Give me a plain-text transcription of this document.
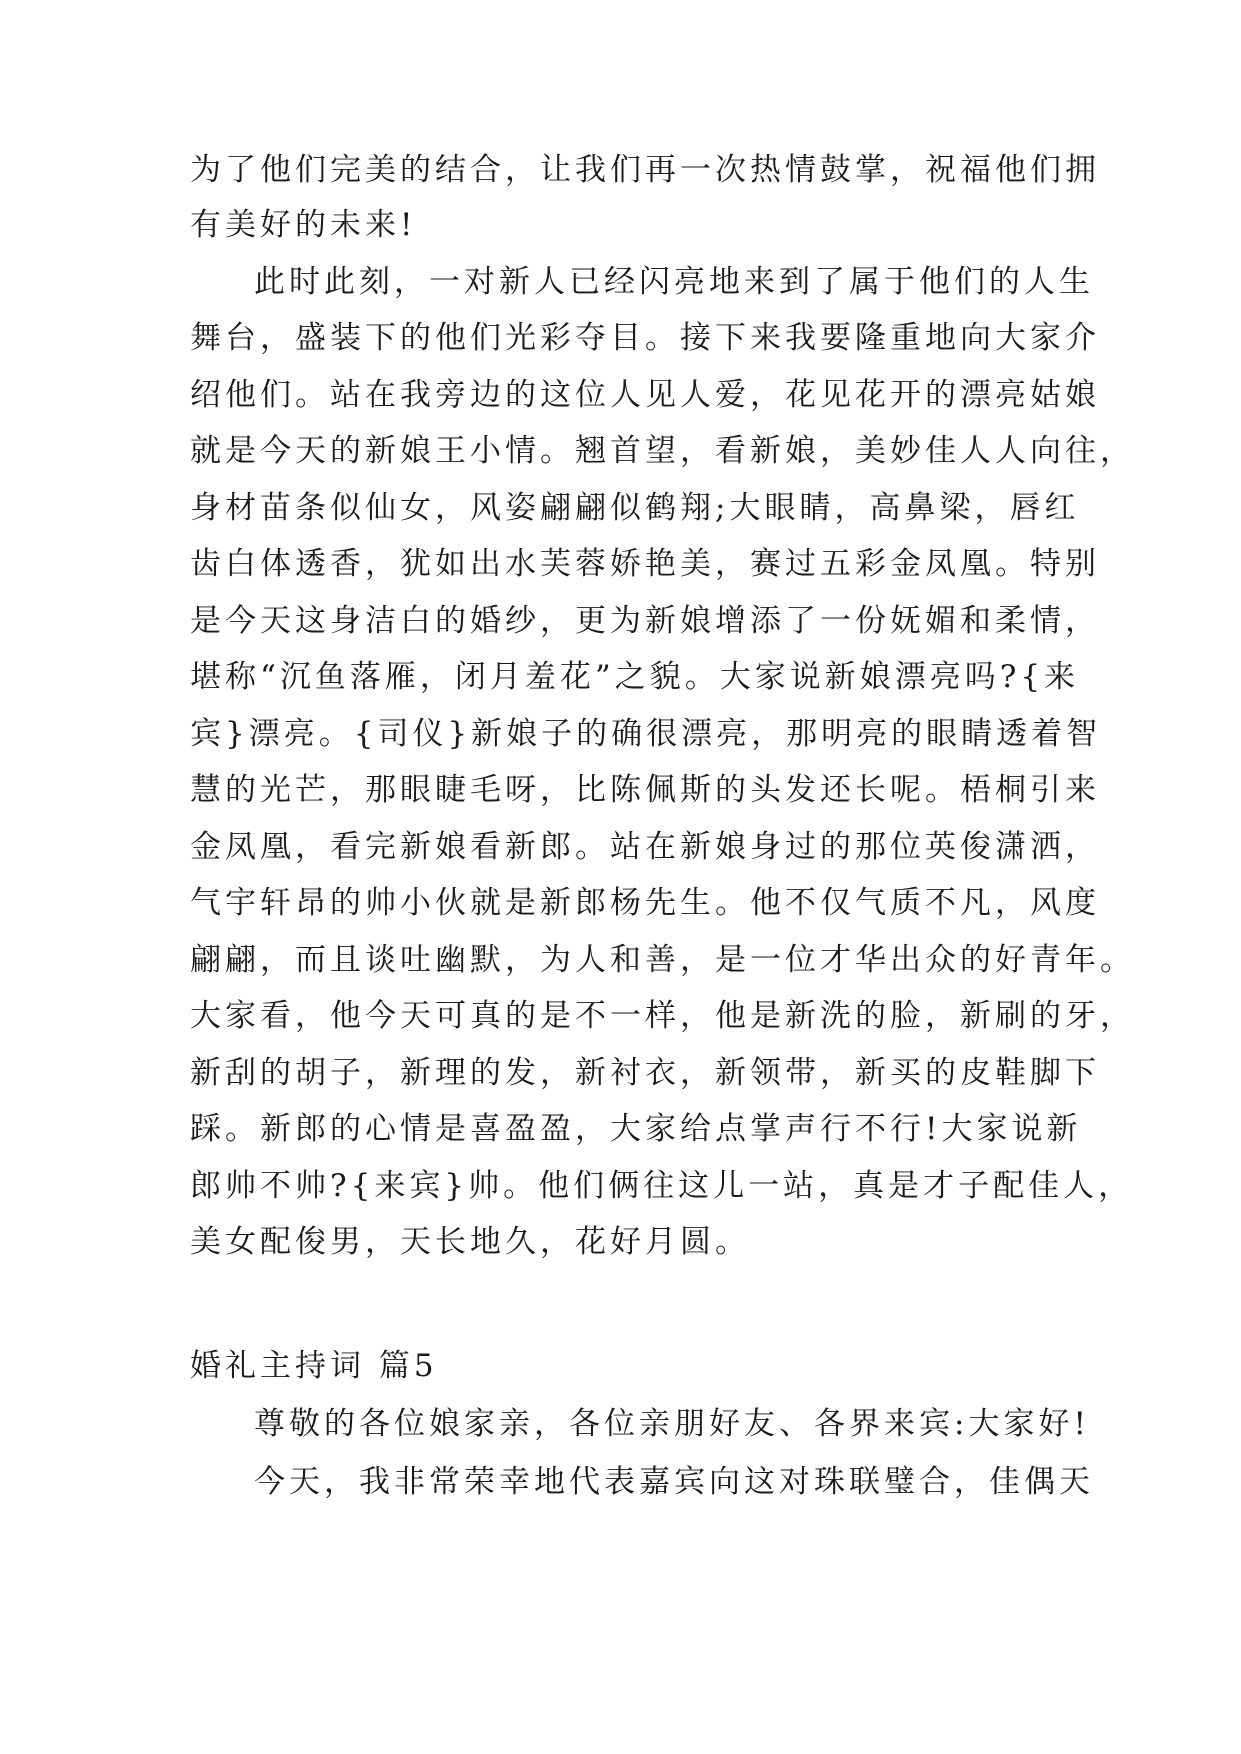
为了他们完美的结合，让我们再一次热情鼓掌，祝福他们拥
有美好的未来!
此时此刻，一对新人已经闪亮地来到了属于他们的人生
舞台，盛装下的他们光彩夺目。接下来我要隆重地向大家介
绍他们。站在我旁边的这位人见人爱，花见花开的漂亮姑娘
就是今天的新娘王小情。翘首望，看新娘，美妙佳人人向往，
身材苗条似仙女，风姿翩翩似鹤翔;大眼睛，高鼻梁，唇红
齿白体透香，犹如出水芙蓉娇艳美，赛过五彩金凤凰。特别
是今天这身洁白的婚纱，更为新娘增添了一份妩媚和柔情，
堪称“沉鱼落雁，闭月羞花”之貌。大家说新娘漂亮吗?{来
宾}漂亮。{司仪}新娘子的确很漂亮，那明亮的眼睛透着智
慧的光芒，那眼睫毛呀，比陈佩斯的头发还长呢。梧桐引来
金凤凰，看完新娘看新郎。站在新娘身过的那位英俊潇洒，
气宇轩昂的帅小伙就是新郎杨先生。他不仅气质不凡，风度
翩翩，而且谈吐幽默，为人和善，是一位才华出众的好青年。
大家看，他今天可真的是不一样，他是新洗的脸，新刷的牙，
新刮的胡子，新理的发，新衬衣，新领带，新买的皮鞋脚下
踩。新郎的心情是喜盈盈，大家给点掌声行不行!大家说新
郎帅不帅?{来宾}帅。他们俩往这儿一站，真是才子配佳人，
美女配俊男，天长地久，花好月圆。
婚礼主持词 篇5
尊敬的各位娘家亲，各位亲朋好友、各界来宾:大家好!
今天，我非常荣幸地代表嘉宾向这对珠联璧合，佳偶天
